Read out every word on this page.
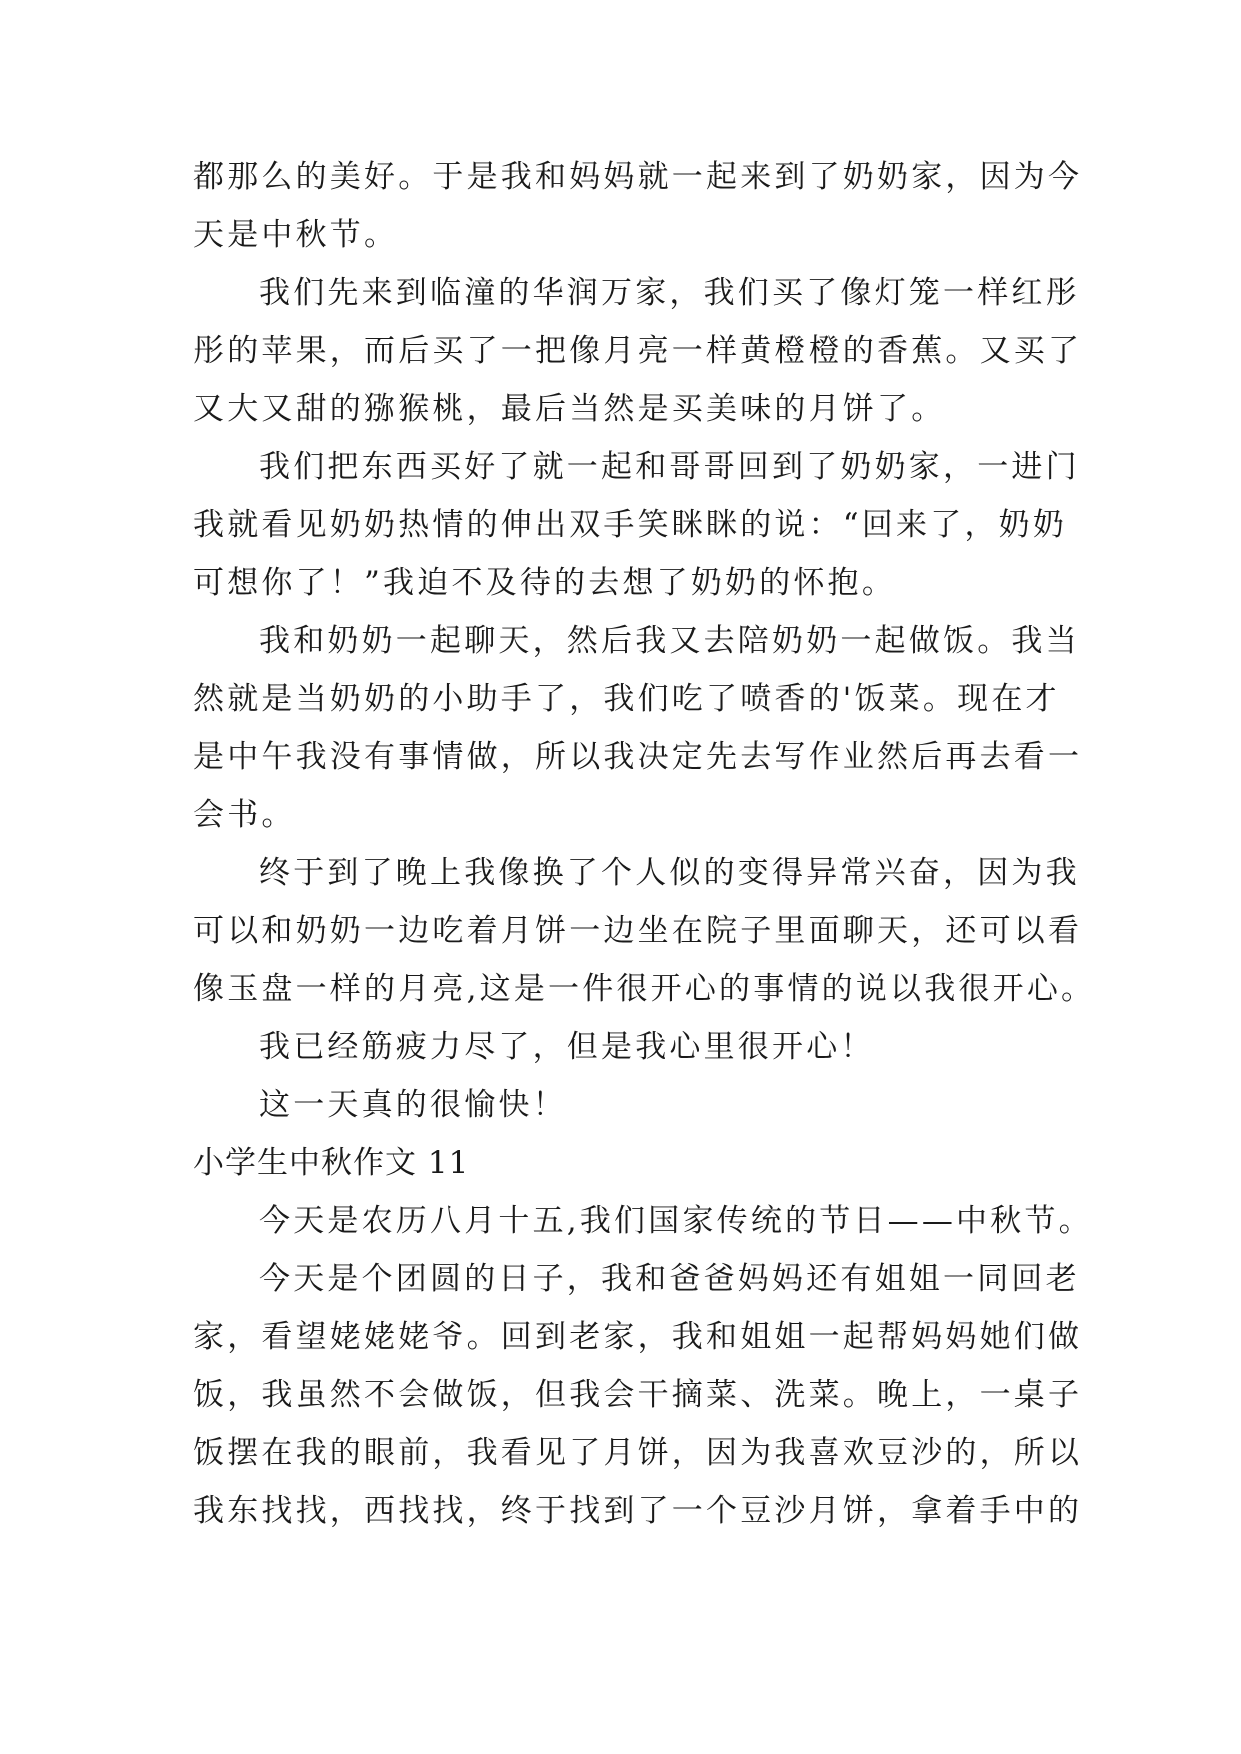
都那么的美好。于是我和妈妈就一起来到了奶奶家，因为今

天是中秋节。

我们先来到临潼的华润万家，我们买了像灯笼一样红彤

彤的苹果，而后买了一把像月亮一样黄橙橙的香蕉。又买了

又大又甜的猕猴桃，最后当然是买美味的月饼了。

我们把东西买好了就一起和哥哥回到了奶奶家，一进门

我就看见奶奶热情的伸出双手笑眯眯的说：“回来了，奶奶

可想你了！”我迫不及待的去想了奶奶的怀抱。

我和奶奶一起聊天，然后我又去陪奶奶一起做饭。我当

然就是当奶奶的小助手了，我们吃了喷香的'饭菜。现在才

是中午我没有事情做，所以我决定先去写作业然后再去看一

会书。

终于到了晚上我像换了个人似的变得异常兴奋，因为我

可以和奶奶一边吃着月饼一边坐在院子里面聊天，还可以看

像玉盘一样的月亮,这是一件很开心的事情的说以我很开心。

我已经筋疲力尽了，但是我心里很开心！

这一天真的很愉快！

小学生中秋作文 11

今天是农历八月十五,我们国家传统的节日——中秋节。

今天是个团圆的日子，我和爸爸妈妈还有姐姐一同回老

家，看望姥姥姥爷。回到老家，我和姐姐一起帮妈妈她们做

饭，我虽然不会做饭，但我会干摘菜、洗菜。晚上，一桌子

饭摆在我的眼前，我看见了月饼，因为我喜欢豆沙的，所以

我东找找，西找找，终于找到了一个豆沙月饼，拿着手中的
